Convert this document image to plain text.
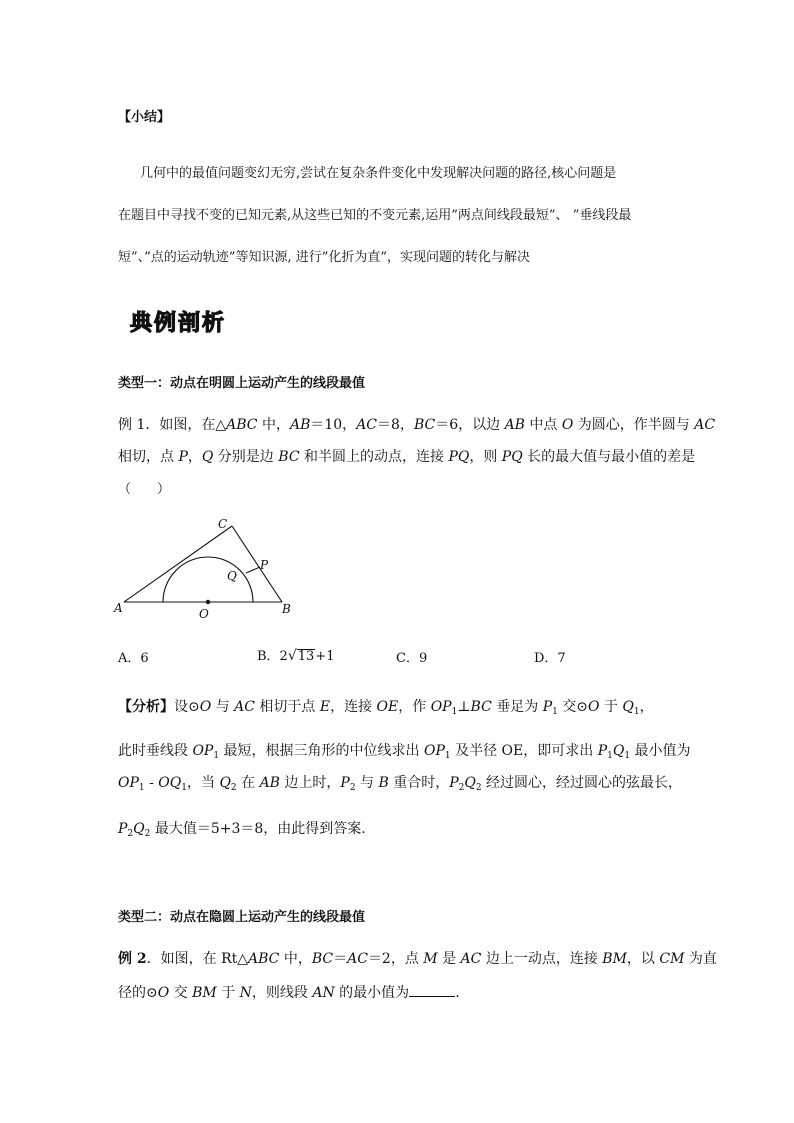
【小结】
几何中的最值问题变幻无穷,尝试在复杂条件变化中发现解决问题的路径,核心问题是
在题目中寻找不变的已知元素,从这些已知的不变元素,运用”两点间线段最短”、 ”垂线段最
短”、”点的运动轨迹”等知识源, 进行”化折为直”，实现问题的转化与解决
典例剖析
类型一：动点在明圆上运动产生的线段最值
例 1．如图，在△ABC 中，AB＝10，AC＝8，BC＝6，以边 AB 中点 O 为圆心，作半圆与 AC
相切，点 P，Q 分别是边 BC 和半圆上的动点，连接 PQ，则 PQ 长的最大值与最小值的差是
（　　）
C
P
Q
A	O	B
A．6	B．2√13+1	C．9	D．7
【分析】设⊙O 与 AC 相切于点 E，连接 OE，作 $OP_1\perp BC$ 垂足为 $P_1$ 交⊙O 于 $Q_1$，
此时垂线段 $OP_1$ 最短，根据三角形的中位线求出 $OP_1$ 及半径 OE，即可求出 $P_1Q_1$ 最小值为
$OP_1 - OQ_1$，当 $Q_2$ 在 AB 边上时，$P_2$ 与 B 重合时，$P_2Q_2$ 经过圆心，经过圆心的弦最长，
$P_2Q_2$ 最大值＝5+3＝8，由此得到答案.
类型二：动点在隐圆上运动产生的线段最值
例 2．如图，在 Rt△ABC 中，BC＝AC＝2，点 M 是 AC 边上一动点，连接 BM，以 CM 为直
径的⊙O 交 BM 于 N，则线段 AN 的最小值为	.
